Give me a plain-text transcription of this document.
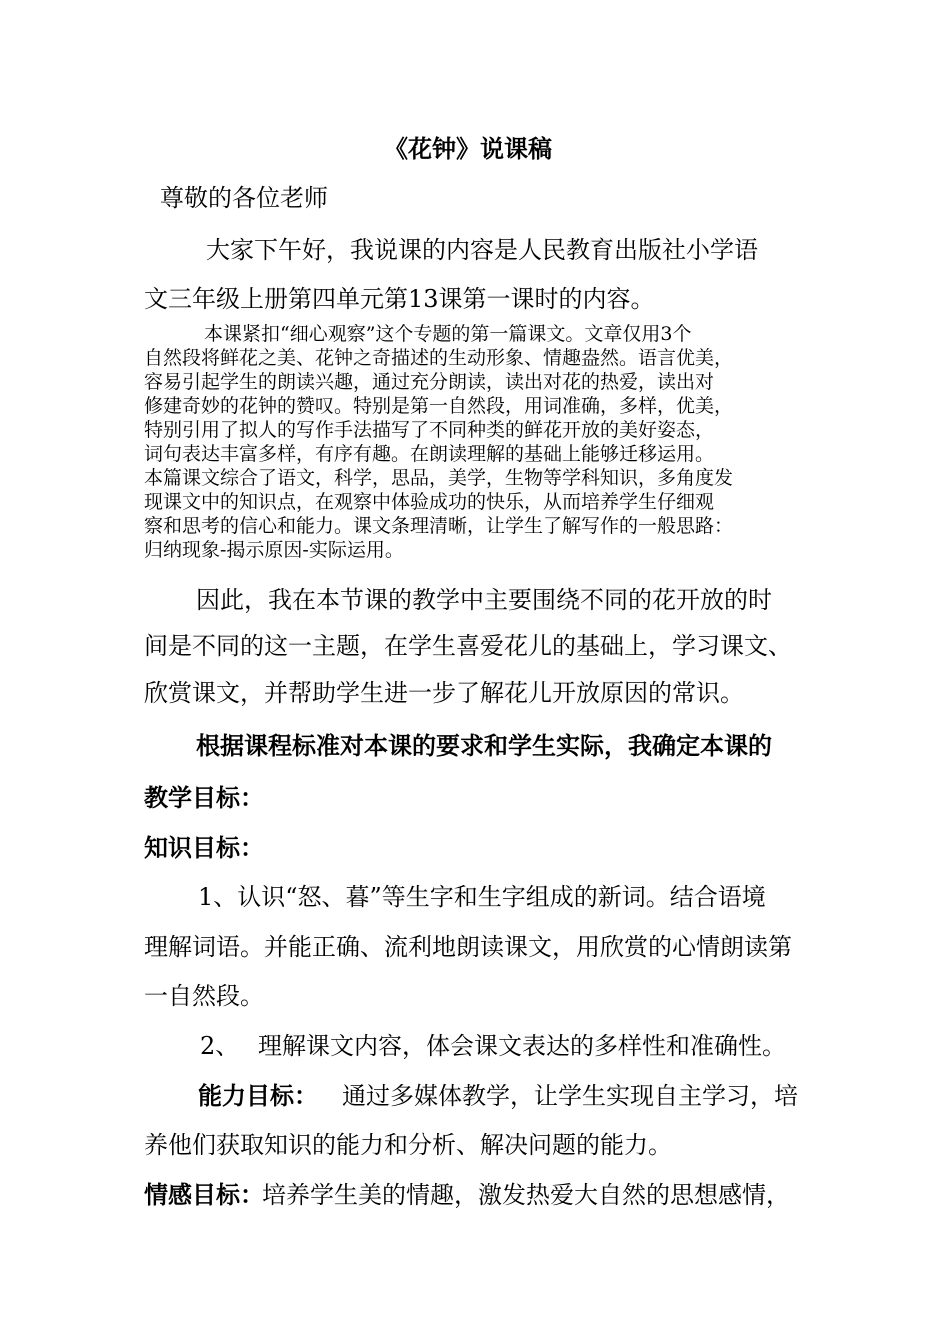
《花钟》说课稿
尊敬的各位老师
大家下午好，我说课的内容是人民教育出版社小学语
文三年级上册第四单元第13课第一课时的内容。
本课紧扣“细心观察”这个专题的第一篇课文。文章仅用3个
自然段将鲜花之美、花钟之奇描述的生动形象、情趣盎然。语言优美，
容易引起学生的朗读兴趣，通过充分朗读，读出对花的热爱，读出对
修建奇妙的花钟的赞叹。特别是第一自然段，用词准确，多样，优美，
特别引用了拟人的写作手法描写了不同种类的鲜花开放的美好姿态，
词句表达丰富多样，有序有趣。在朗读理解的基础上能够迁移运用。
本篇课文综合了语文，科学，思品，美学，生物等学科知识，多角度发
现课文中的知识点，在观察中体验成功的快乐，从而培养学生仔细观
察和思考的信心和能力。课文条理清晰，让学生了解写作的一般思路：
归纳现象-揭示原因-实际运用。
因此，我在本节课的教学中主要围绕不同的花开放的时
间是不同的这一主题，在学生喜爱花儿的基础上，学习课文、
欣赏课文，并帮助学生进一步了解花儿开放原因的常识。
根据课程标准对本课的要求和学生实际，我确定本课的
教学目标：
知识目标：
1、认识“怒、暮”等生字和生字组成的新词。结合语境
理解词语。并能正确、流利地朗读课文，用欣赏的心情朗读第
一自然段。
2、 理解课文内容，体会课文表达的多样性和准确性。
能力目标： 通过多媒体教学，让学生实现自主学习，培
养他们获取知识的能力和分析、解决问题的能力。
情感目标：
培养学生美的情趣，激发热爱大自然的思想感情，
